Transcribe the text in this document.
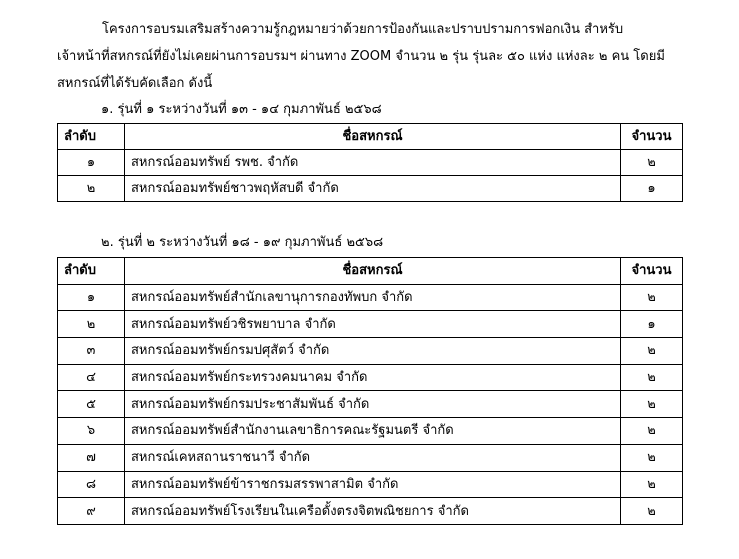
โครงการอบรมเสริมสร้างความรู้กฎหมายว่าด้วยการป้องกันและปราบปรามการฟอกเงิน สำหรับ
เจ้าหน้าที่สหกรณ์ที่ยังไม่เคยผ่านการอบรมฯ ผ่านทาง ZOOM จำนวน ๒ รุ่น รุ่นละ ๕๐ แห่ง แห่งละ ๒ คน โดยมี
สหกรณ์ที่ได้รับคัดเลือก ดังนี้
๑. รุ่นที่ ๑ ระหว่างวันที่ ๑๓ - ๑๔ กุมภาพันธ์ ๒๕๖๘
ลำดับ	ชื่อสหกรณ์	จำนวน
๑	สหกรณ์ออมทรัพย์ รพช. จำกัด	๒
๒	สหกรณ์ออมทรัพย์ชาวพฤหัสบดี จำกัด	๑
๒. รุ่นที่ ๒ ระหว่างวันที่ ๑๘ - ๑๙ กุมภาพันธ์ ๒๕๖๘
ลำดับ	ชื่อสหกรณ์	จำนวน
๑	สหกรณ์ออมทรัพย์สำนักเลขานุการกองทัพบก จำกัด	๒
๒	สหกรณ์ออมทรัพย์วชิรพยาบาล จำกัด	๑
๓	สหกรณ์ออมทรัพย์กรมปศุสัตว์ จำกัด	๒
๔	สหกรณ์ออมทรัพย์กระทรวงคมนาคม จำกัด	๒
๕	สหกรณ์ออมทรัพย์กรมประชาสัมพันธ์ จำกัด	๒
๖	สหกรณ์ออมทรัพย์สำนักงานเลขาธิการคณะรัฐมนตรี จำกัด	๒
๗	สหกรณ์เคหสถานราชนาวี จำกัด	๒
๘	สหกรณ์ออมทรัพย์ข้าราชกรมสรรพาสามิต จำกัด	๒
๙	สหกรณ์ออมทรัพย์โรงเรียนในเครือดั้งตรงจิตพณิชยการ จำกัด	๒
